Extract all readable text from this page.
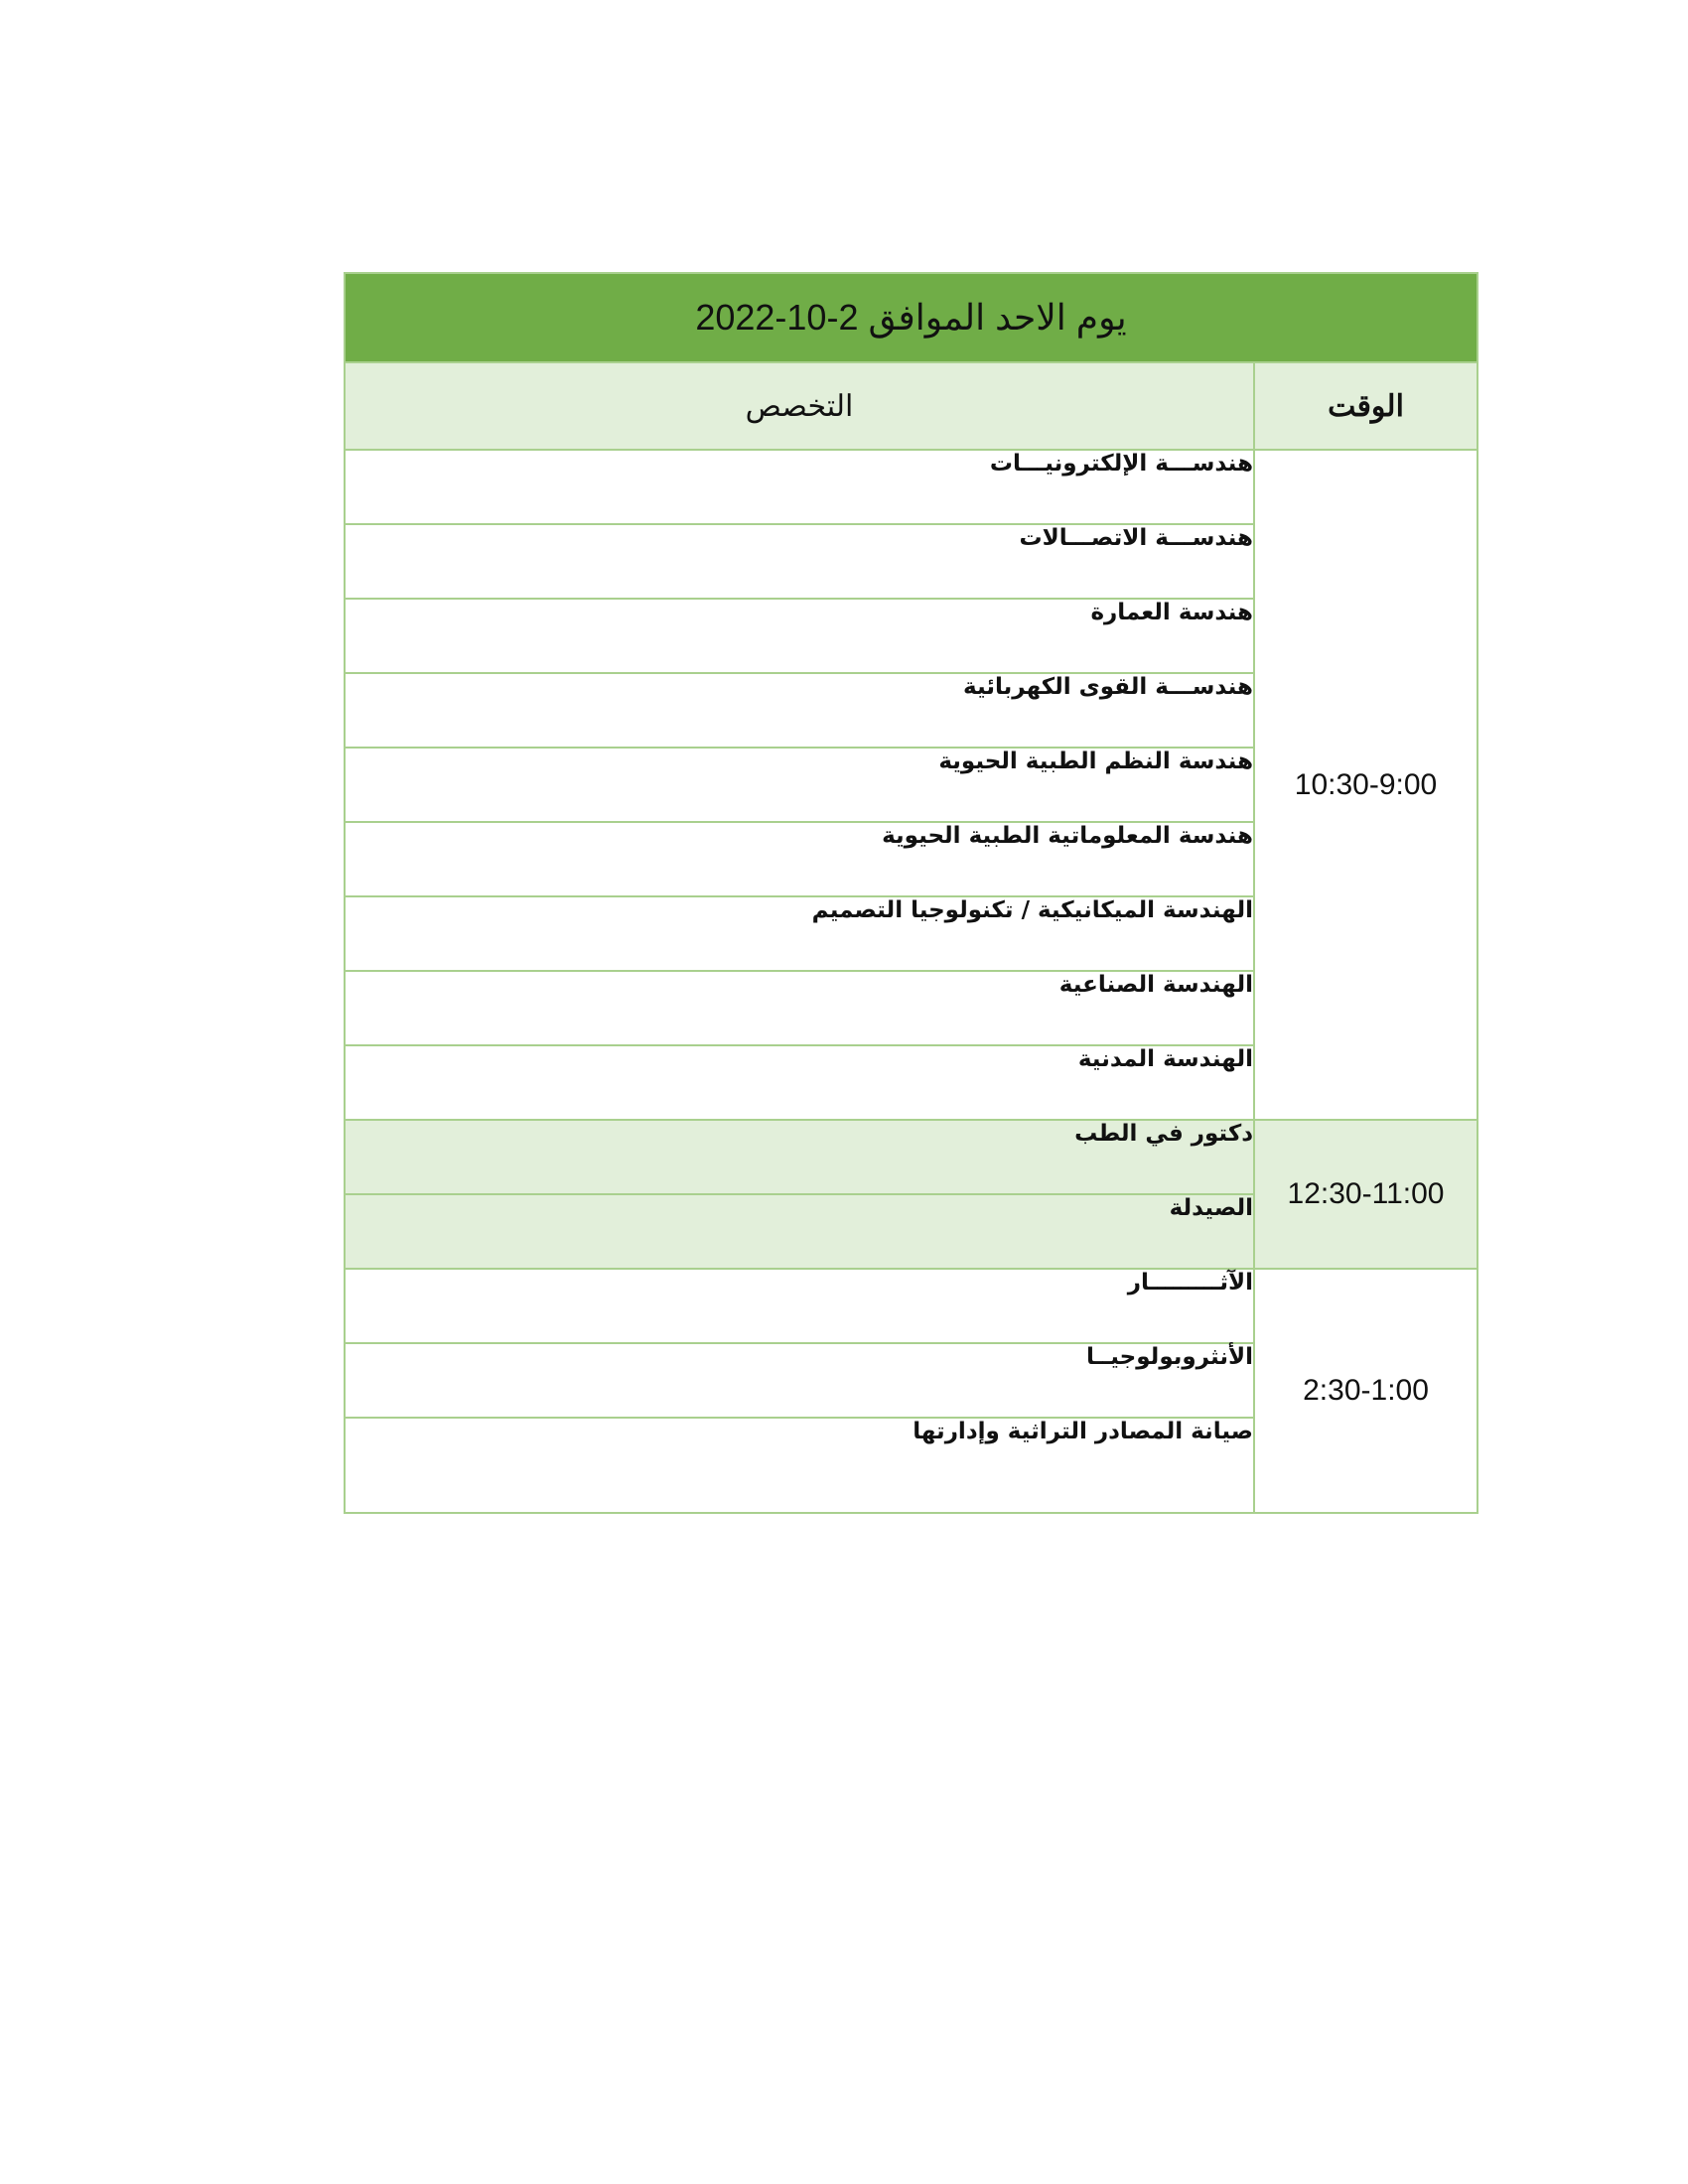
يوم الاحد الموافق 2-10-2022	
الوقت	التخصص
10:30-9:00	هندســـة الإلكترونيـــات
	هندســـة الاتصـــالات
	هندسة العمارة
	هندســـة القوى الكهربائية
	هندسة النظم الطبية الحيوية
	هندسة المعلوماتية الطبية الحيوية
	الهندسة الميكانيكية / تكنولوجيا التصميم
	الهندسة الصناعية
	الهندسة المدنية
12:30-11:00	دكتور في الطب
	الصيدلة
2:30-1:00	الآثـــــــــار
	الأنثروبولوجيــا
	صيانة المصادر التراثية وإدارتها
